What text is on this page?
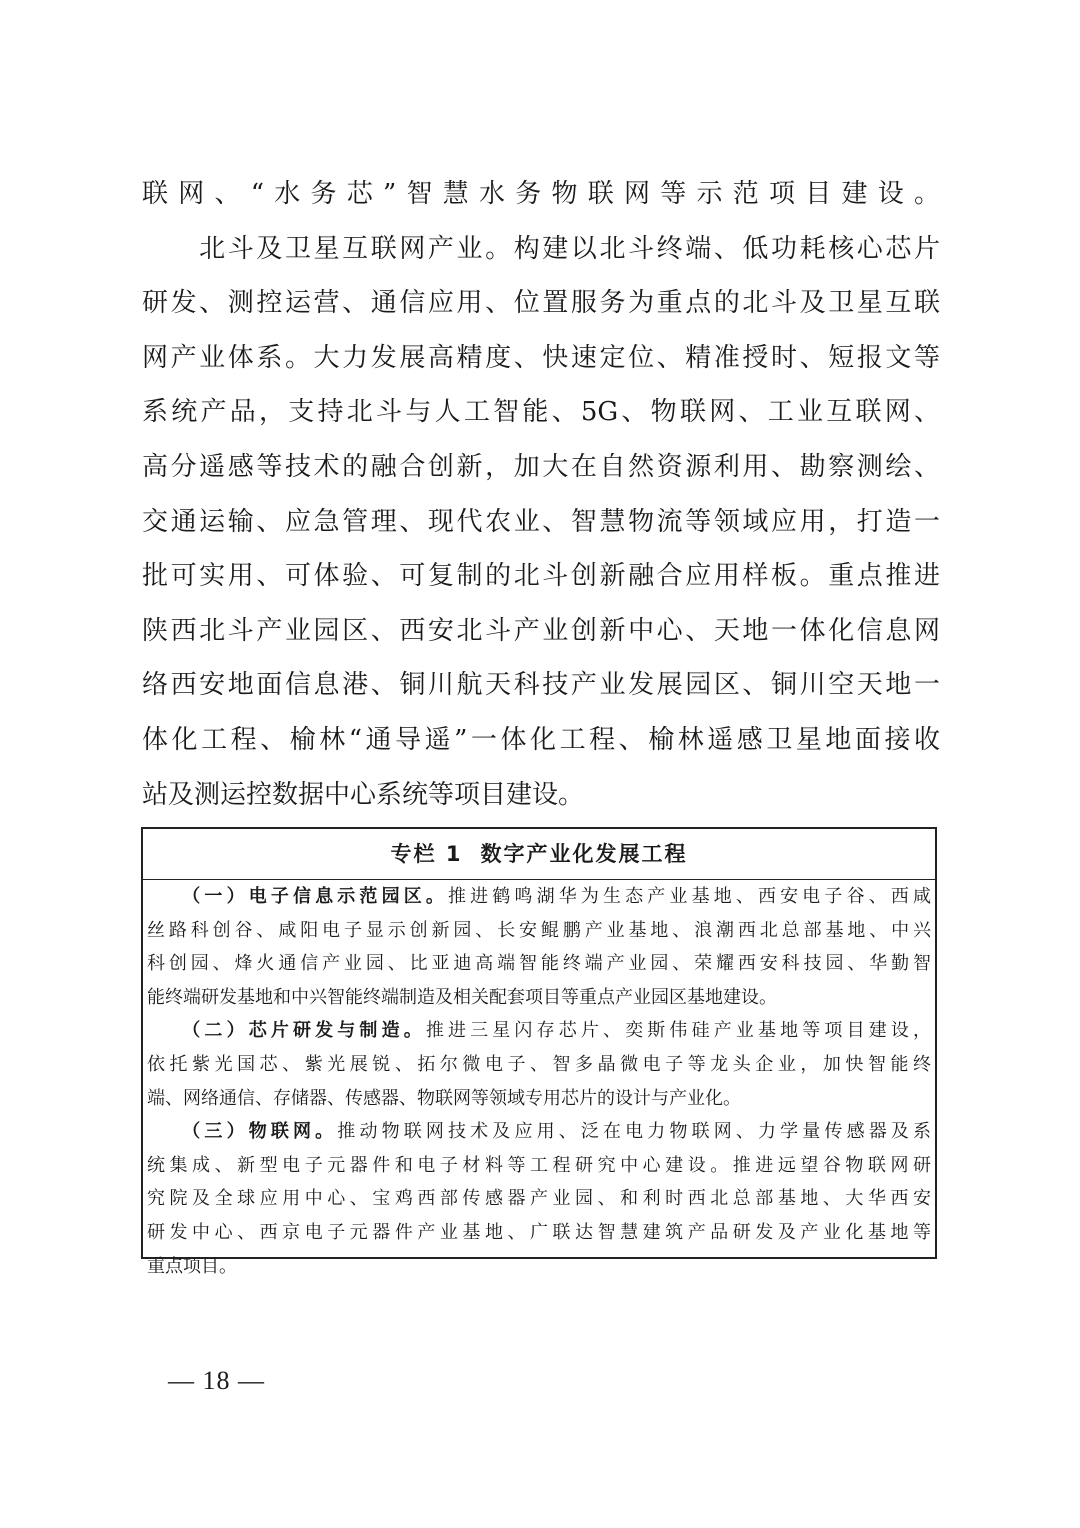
联网、“水务芯”智慧水务物联网等示范项目建设。
　　北斗及卫星互联网产业。构建以北斗终端、低功耗核心芯片
研发、测控运营、通信应用、位置服务为重点的北斗及卫星互联
网产业体系。大力发展高精度、快速定位、精准授时、短报文等
系统产品，支持北斗与人工智能、5G、物联网、工业互联网、
高分遥感等技术的融合创新，加大在自然资源利用、勘察测绘、
交通运输、应急管理、现代农业、智慧物流等领域应用，打造一
批可实用、可体验、可复制的北斗创新融合应用样板。重点推进
陕西北斗产业园区、西安北斗产业创新中心、天地一体化信息网
络西安地面信息港、铜川航天科技产业发展园区、铜川空天地一
体化工程、榆林“通导遥”一体化工程、榆林遥感卫星地面接收
站及测运控数据中心系统等项目建设。
专栏 1 数字产业化发展工程
　　（一）电子信息示范园区。推进鹤鸣湖华为生态产业基地、西安电子谷、西咸
丝路科创谷、咸阳电子显示创新园、长安鲲鹏产业基地、浪潮西北总部基地、中兴
科创园、烽火通信产业园、比亚迪高端智能终端产业园、荣耀西安科技园、华勤智
能终端研发基地和中兴智能终端制造及相关配套项目等重点产业园区基地建设。
　　（二）芯片研发与制造。推进三星闪存芯片、奕斯伟硅产业基地等项目建设，
依托紫光国芯、紫光展锐、拓尔微电子、智多晶微电子等龙头企业，加快智能终
端、网络通信、存储器、传感器、物联网等领域专用芯片的设计与产业化。
　　（三）物联网。推动物联网技术及应用、泛在电力物联网、力学量传感器及系
统集成、新型电子元器件和电子材料等工程研究中心建设。推进远望谷物联网研
究院及全球应用中心、宝鸡西部传感器产业园、和利时西北总部基地、大华西安
研发中心、西京电子元器件产业基地、广联达智慧建筑产品研发及产业化基地等
重点项目。
— 18 —
